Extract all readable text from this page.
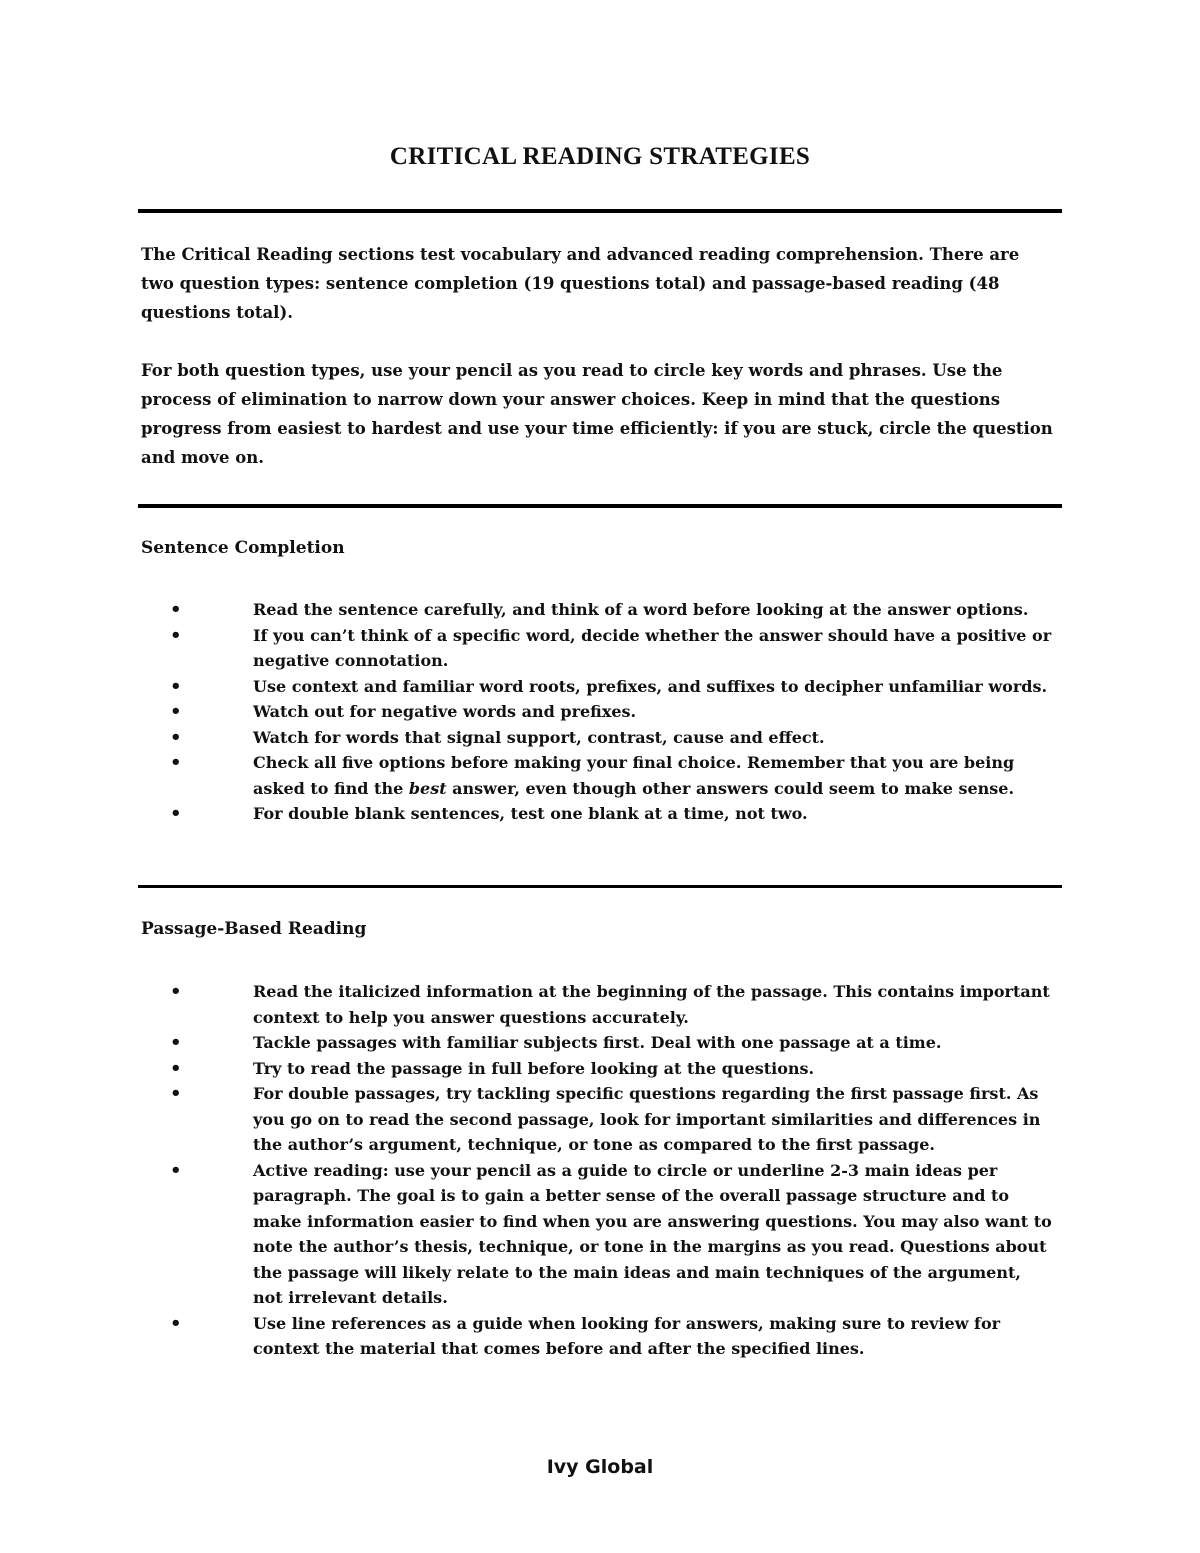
CRITICAL READING STRATEGIES

The Critical Reading sections test vocabulary and advanced reading comprehension. There are two question types: sentence completion (19 questions total) and passage-based reading (48 questions total).

For both question types, use your pencil as you read to circle key words and phrases. Use the process of elimination to narrow down your answer choices. Keep in mind that the questions progress from easiest to hardest and use your time efficiently: if you are stuck, circle the question and move on.

Sentence Completion
•	Read the sentence carefully, and think of a word before looking at the answer options.
•	If you can’t think of a specific word, decide whether the answer should have a positive or negative connotation.
•	Use context and familiar word roots, prefixes, and suffixes to decipher unfamiliar words.
•	Watch out for negative words and prefixes.
•	Watch for words that signal support, contrast, cause and effect.
•	Check all five options before making your final choice. Remember that you are being asked to find the best answer, even though other answers could seem to make sense.
•	For double blank sentences, test one blank at a time, not two.
Passage-Based Reading
•	Read the italicized information at the beginning of the passage. This contains important context to help you answer questions accurately.
•	Tackle passages with familiar subjects first. Deal with one passage at a time.
•	Try to read the passage in full before looking at the questions.
•	For double passages, try tackling specific questions regarding the first passage first. As you go on to read the second passage, look for important similarities and differences in the author’s argument, technique, or tone as compared to the first passage.
•	Active reading: use your pencil as a guide to circle or underline 2-3 main ideas per paragraph. The goal is to gain a better sense of the overall passage structure and to make information easier to find when you are answering questions. You may also want to note the author’s thesis, technique, or tone in the margins as you read. Questions about the passage will likely relate to the main ideas and main techniques of the argument, not irrelevant details.
•	Use line references as a guide when looking for answers, making sure to review for context the material that comes before and after the specified lines.
Ivy Global
